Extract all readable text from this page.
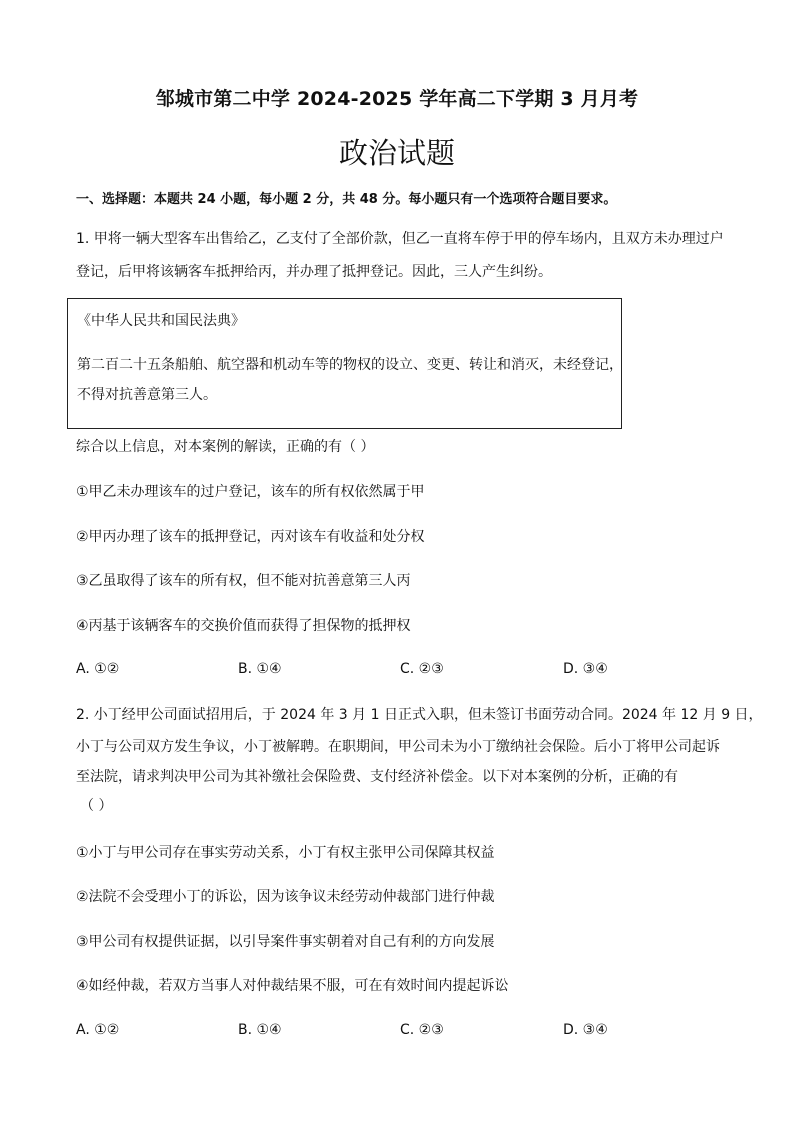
邹城市第二中学 2024-2025 学年高二下学期 3 月月考
政治试题
一、选择题：本题共 24 小题，每小题 2 分，共 48 分。每小题只有一个选项符合题目要求。
1. 甲将一辆大型客车出售给乙，乙支付了全部价款，但乙一直将车停于甲的停车场内，且双方未办理过户
登记，后甲将该辆客车抵押给丙，并办理了抵押登记。因此，三人产生纠纷。
《中华人民共和国民法典》
第二百二十五条船舶、航空器和机动车等的物权的设立、变更、转让和消灭，未经登记，
不得对抗善意第三人。
综合以上信息，对本案例的解读，正确的有（ ）
①甲乙未办理该车的过户登记，该车的所有权依然属于甲
②甲丙办理了该车的抵押登记，丙对该车有收益和处分权
③乙虽取得了该车的所有权，但不能对抗善意第三人丙
④丙基于该辆客车的交换价值而获得了担保物的抵押权
A. ①②	B. ①④	C. ②③	D. ③④
2. 小丁经甲公司面试招用后，于 2024 年 3 月 1 日正式入职，但未签订书面劳动合同。2024 年 12 月 9 日，
小丁与公司双方发生争议，小丁被解聘。在职期间，甲公司未为小丁缴纳社会保险。后小丁将甲公司起诉
至法院，请求判决甲公司为其补缴社会保险费、支付经济补偿金。以下对本案例的分析，正确的有
（ ）
①小丁与甲公司存在事实劳动关系，小丁有权主张甲公司保障其权益
②法院不会受理小丁的诉讼，因为该争议未经劳动仲裁部门进行仲裁
③甲公司有权提供证据，以引导案件事实朝着对自己有利的方向发展
④如经仲裁，若双方当事人对仲裁结果不服，可在有效时间内提起诉讼
A. ①②	B. ①④	C. ②③	D. ③④
